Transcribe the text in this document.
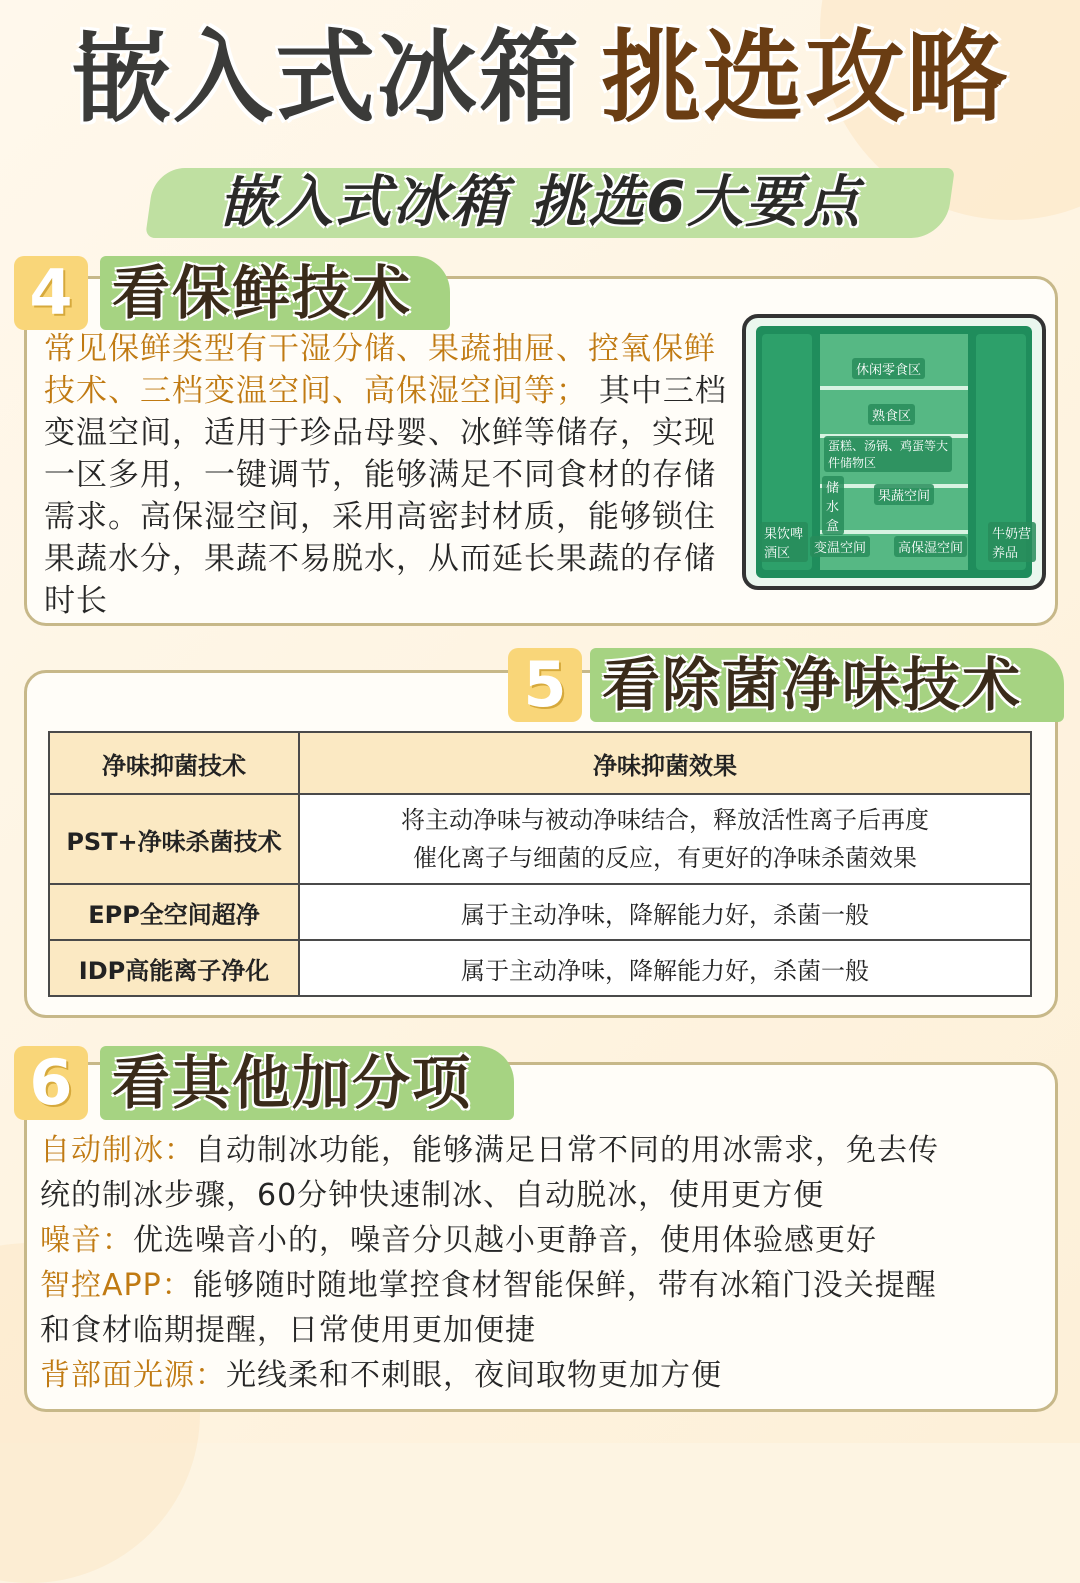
嵌入式冰箱 挑选攻略
嵌入式冰箱 挑选6大要点
4 看保鲜技术
常见保鲜类型有干湿分储、果蔬抽屉、控氧保鲜技术、三档变温空间、高保湿空间等； 其中三档变温空间，适用于珍品母婴、冰鲜等储存，实现一区多用，一键调节，能够满足不同食材的存储需求。高保湿空间，采用高密封材质，能够锁住果蔬水分，果蔬不易脱水，从而延长果蔬的存储时长
休闲零食区
熟食区
蛋糕、汤锅、鸡蛋等大件储物区
储水盒
果蔬空间
果饮啤酒区	变温空间	高保湿空间
牛奶营养品
5 看除菌净味技术
净味抑菌技术	净味抑菌效果
PST+净味杀菌技术	将主动净味与被动净味结合，释放活性离子后再度
催化离子与细菌的反应，有更好的净味杀菌效果

EPP全空间超净	属于主动净味，降解能力好，杀菌一般
IDP高能离子净化	属于主动净味，降解能力好，杀菌一般
6 看其他加分项
自动制冰：自动制冰功能，能够满足日常不同的用冰需求，免去传
统的制冰步骤，60分钟快速制冰、自动脱冰，使用更方便
噪音：优选噪音小的，噪音分贝越小更静音，使用体验感更好
智控APP：能够随时随地掌控食材智能保鲜，带有冰箱门没关提醒
和食材临期提醒，日常使用更加便捷
背部面光源：光线柔和不刺眼，夜间取物更加方便
